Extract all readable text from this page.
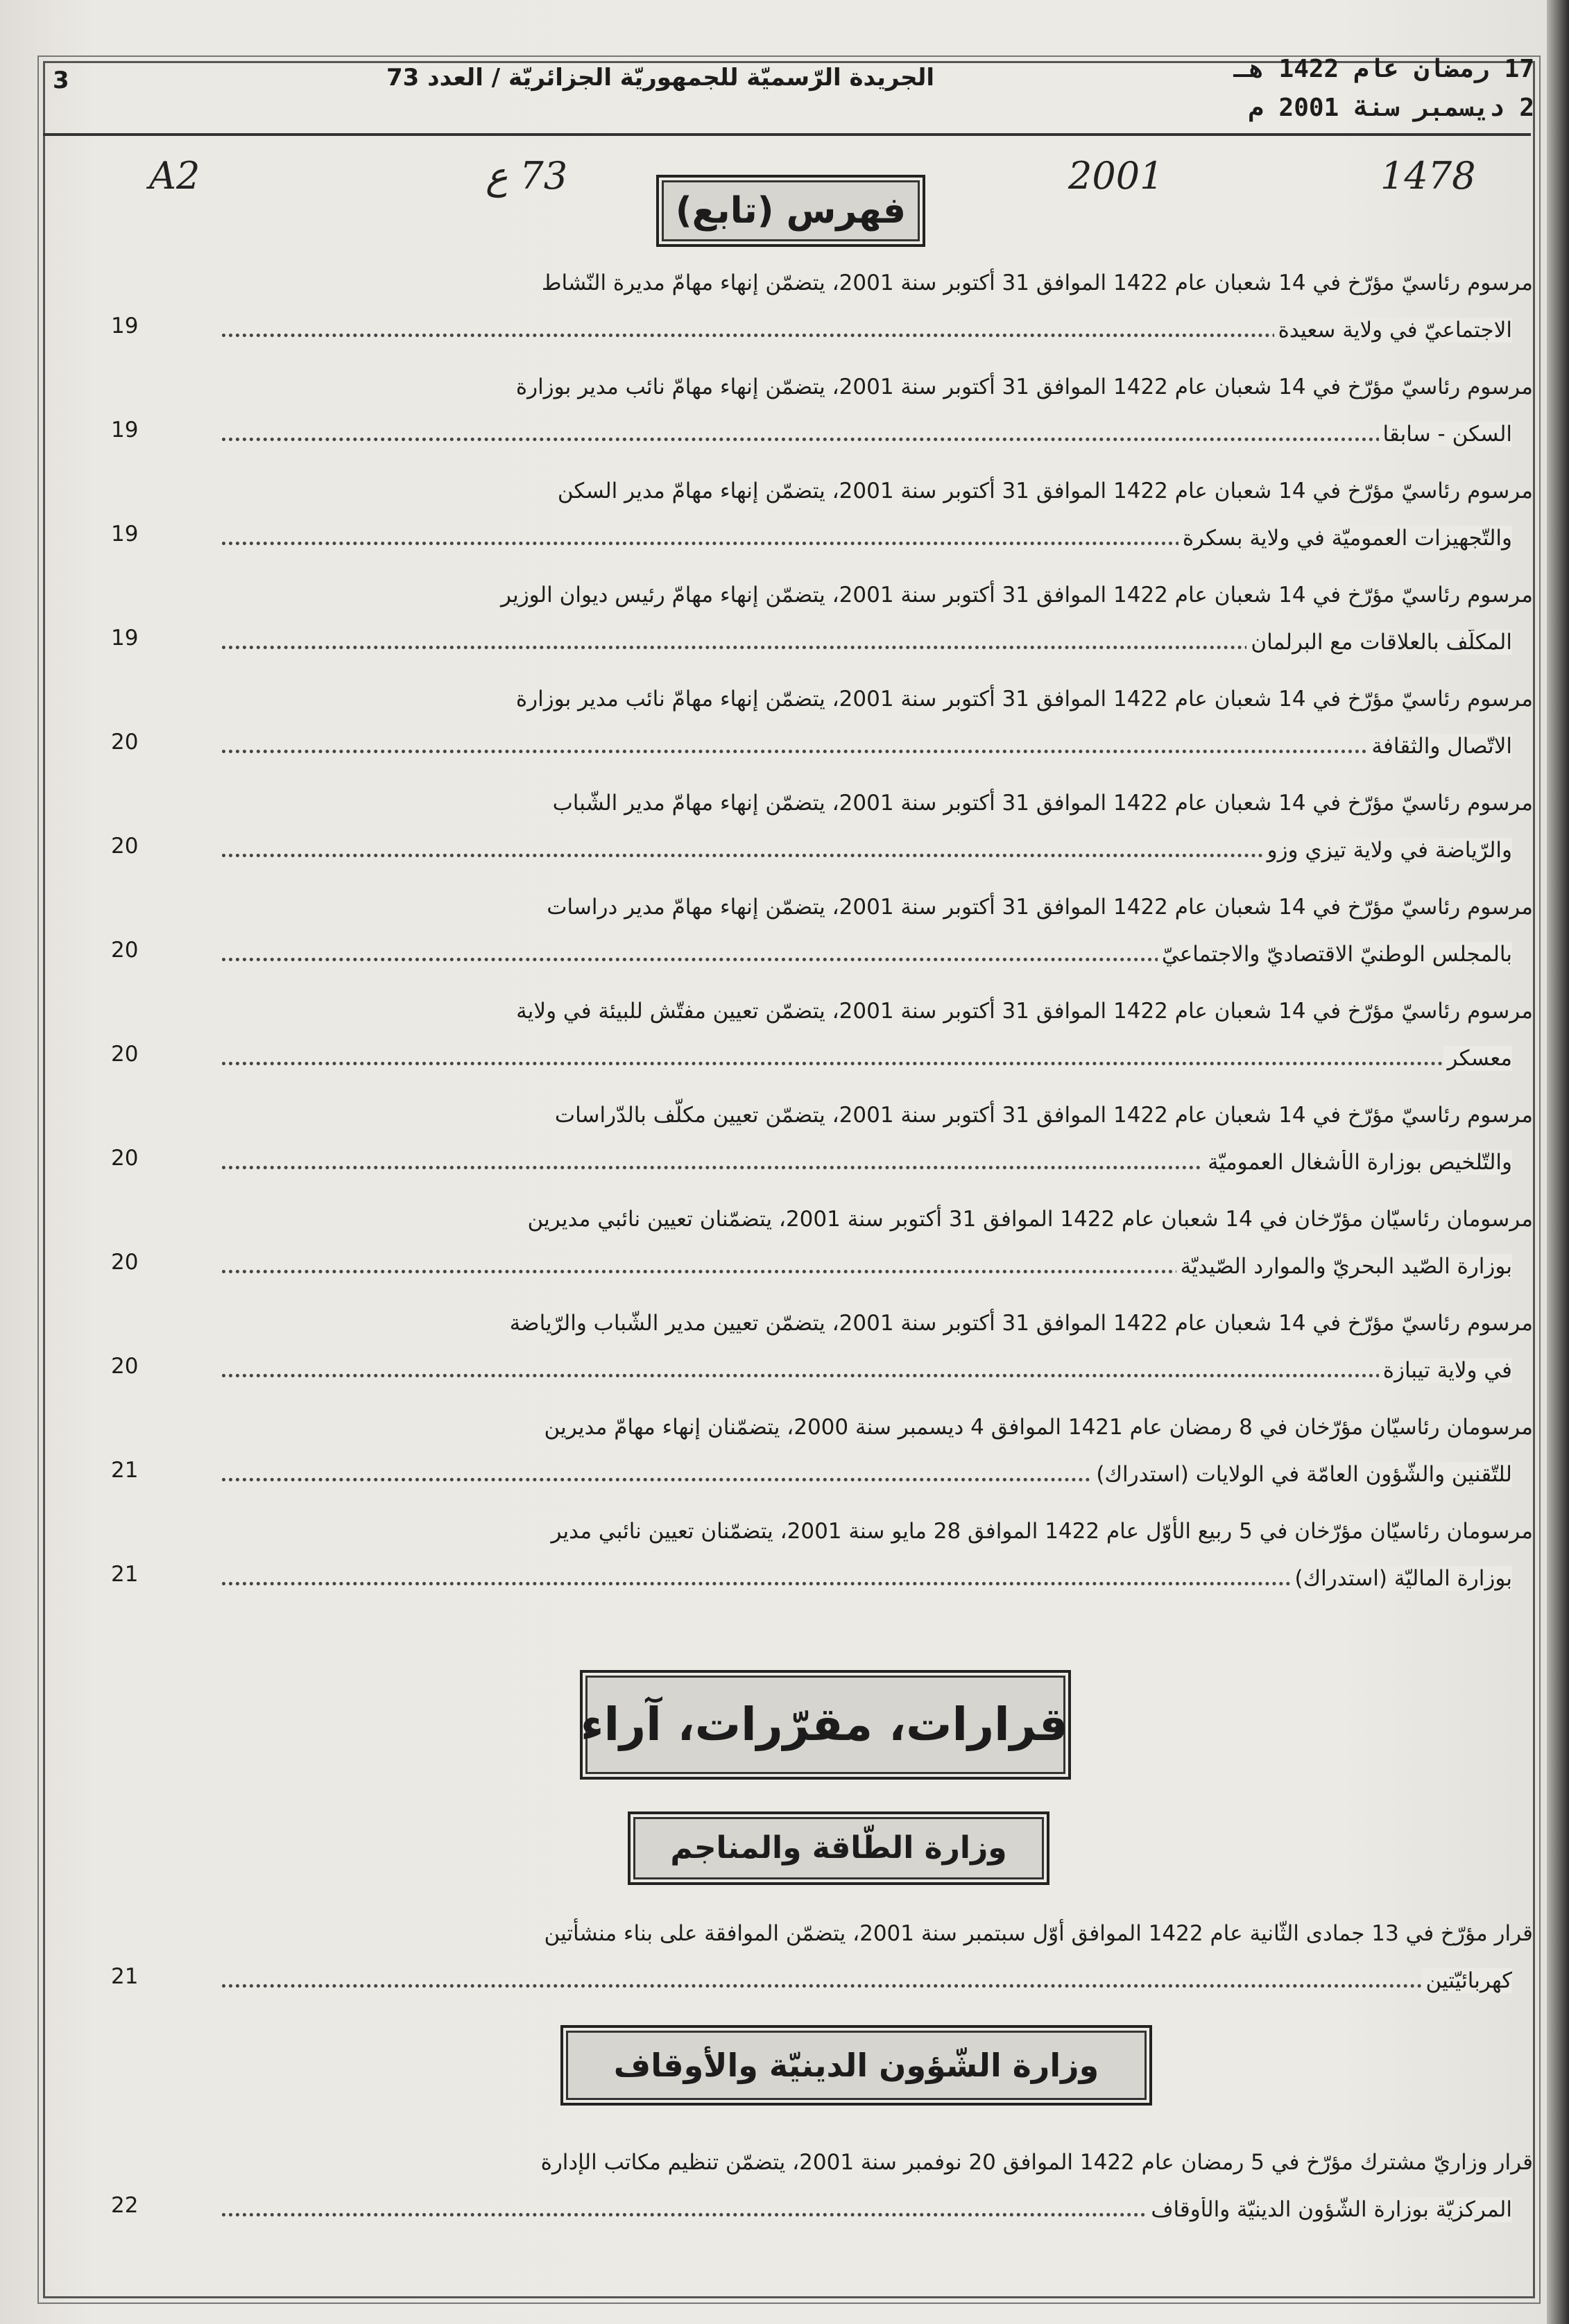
17 رمضان عام 1422 هـ
2 ديسمبر سنة 2001 م
الجريدة الرّسميّة للجمهوريّة الجزائريّة / العدد 73
3
A2	73 ع	2001	1478
فهرس (تابع)
مرسوم رئاسيّ مؤرّخ في 14 شعبان عام 1422 الموافق 31 أكتوبر سنة 2001، يتضمّن إنهاء مهامّ مديرة النّشاط
الاجتماعيّ في ولاية سعيدة
19
مرسوم رئاسيّ مؤرّخ في 14 شعبان عام 1422 الموافق 31 أكتوبر سنة 2001، يتضمّن إنهاء مهامّ نائب مدير بوزارة
السكن - سابقا
19
مرسوم رئاسيّ مؤرّخ في 14 شعبان عام 1422 الموافق 31 أكتوبر سنة 2001، يتضمّن إنهاء مهامّ مدير السكن
والتّجهيزات العموميّة في ولاية بسكرة
19
مرسوم رئاسيّ مؤرّخ في 14 شعبان عام 1422 الموافق 31 أكتوبر سنة 2001، يتضمّن إنهاء مهامّ رئيس ديوان الوزير
المكلّف بالعلاقات مع البرلمان
19
مرسوم رئاسيّ مؤرّخ في 14 شعبان عام 1422 الموافق 31 أكتوبر سنة 2001، يتضمّن إنهاء مهامّ نائب مدير بوزارة
الاتّصال والثقافة
20
مرسوم رئاسيّ مؤرّخ في 14 شعبان عام 1422 الموافق 31 أكتوبر سنة 2001، يتضمّن إنهاء مهامّ مدير الشّباب
والرّياضة في ولاية تيزي وزو
20
مرسوم رئاسيّ مؤرّخ في 14 شعبان عام 1422 الموافق 31 أكتوبر سنة 2001، يتضمّن إنهاء مهامّ مدير دراسات
بالمجلس الوطنيّ الاقتصاديّ والاجتماعيّ
20
مرسوم رئاسيّ مؤرّخ في 14 شعبان عام 1422 الموافق 31 أكتوبر سنة 2001، يتضمّن تعيين مفتّش للبيئة في ولاية
معسكر
20
مرسوم رئاسيّ مؤرّخ في 14 شعبان عام 1422 الموافق 31 أكتوبر سنة 2001، يتضمّن تعيين مكلّف بالدّراسات
والتّلخيص بوزارة الأشغال العموميّة
20
مرسومان رئاسيّان مؤرّخان في 14 شعبان عام 1422 الموافق 31 أكتوبر سنة 2001، يتضمّنان تعيين نائبي مديرين
بوزارة الصّيد البحريّ والموارد الصّيديّة
20
مرسوم رئاسيّ مؤرّخ في 14 شعبان عام 1422 الموافق 31 أكتوبر سنة 2001، يتضمّن تعيين مدير الشّباب والرّياضة
في ولاية تيبازة
20
مرسومان رئاسيّان مؤرّخان في 8 رمضان عام 1421 الموافق 4 ديسمبر سنة 2000، يتضمّنان إنهاء مهامّ مديرين
للتّقنين والشّؤون العامّة في الولايات (استدراك)
21
مرسومان رئاسيّان مؤرّخان في 5 ربيع الأوّل عام 1422 الموافق 28 مايو سنة 2001، يتضمّنان تعيين نائبي مدير
بوزارة الماليّة (استدراك)
21
قرارات، مقرّرات، آراء
وزارة الطّاقة والمناجم
قرار مؤرّخ في 13 جمادى الثّانية عام 1422 الموافق أوّل سبتمبر سنة 2001، يتضمّن الموافقة على بناء منشأتين
كهربائيّتين
21
وزارة الشّؤون الدينيّة والأوقاف
قرار وزاريّ مشترك مؤرّخ في 5 رمضان عام 1422 الموافق 20 نوفمبر سنة 2001، يتضمّن تنظيم مكاتب الإدارة
المركزيّة بوزارة الشّؤون الدينيّة والأوقاف
22
